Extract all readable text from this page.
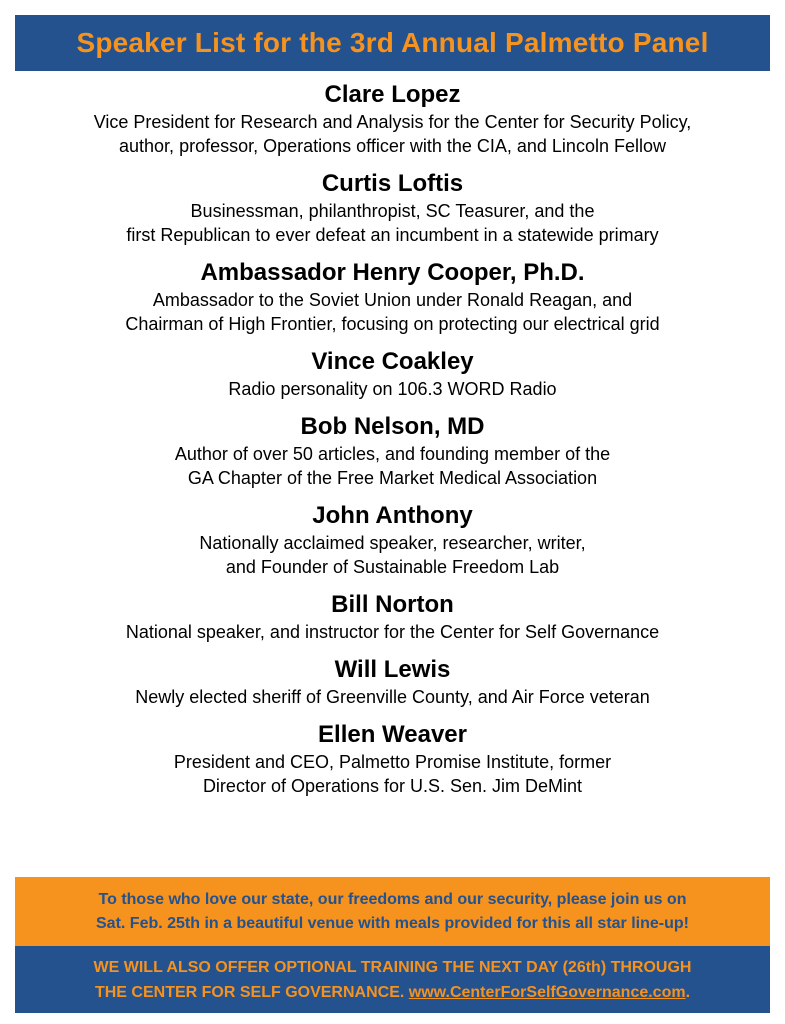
Speaker List for the 3rd Annual Palmetto Panel

Clare Lopez

Vice President for Research and Analysis for the Center for Security Policy,
author, professor, Operations officer with the CIA, and Lincoln Fellow

Curtis Loftis

Businessman, philanthropist, SC Teasurer, and the
first Republican to ever defeat an incumbent in a statewide primary

Ambassador Henry Cooper, Ph.D.

Ambassador to the Soviet Union under Ronald Reagan, and
Chairman of High Frontier, focusing on protecting our electrical grid

Vince Coakley

Radio personality on 106.3 WORD Radio

Bob Nelson, MD

Author of over 50 articles, and founding member of the
GA Chapter of the Free Market Medical Association

John Anthony

Nationally acclaimed speaker, researcher, writer,
and Founder of Sustainable Freedom Lab

Bill Norton

National speaker, and instructor for the Center for Self Governance

Will Lewis

Newly elected sheriff of Greenville County, and Air Force veteran

Ellen Weaver

President and CEO, Palmetto Promise Institute, former
Director of Operations for U.S. Sen. Jim DeMint

To those who love our state, our freedoms and our security, please join us on
Sat. Feb. 25th in a beautiful venue with meals provided for this all star line-up!
WE WILL ALSO OFFER OPTIONAL TRAINING THE NEXT DAY (26th) THROUGH
THE CENTER FOR SELF GOVERNANCE. www.CenterForSelfGovernance.com.
